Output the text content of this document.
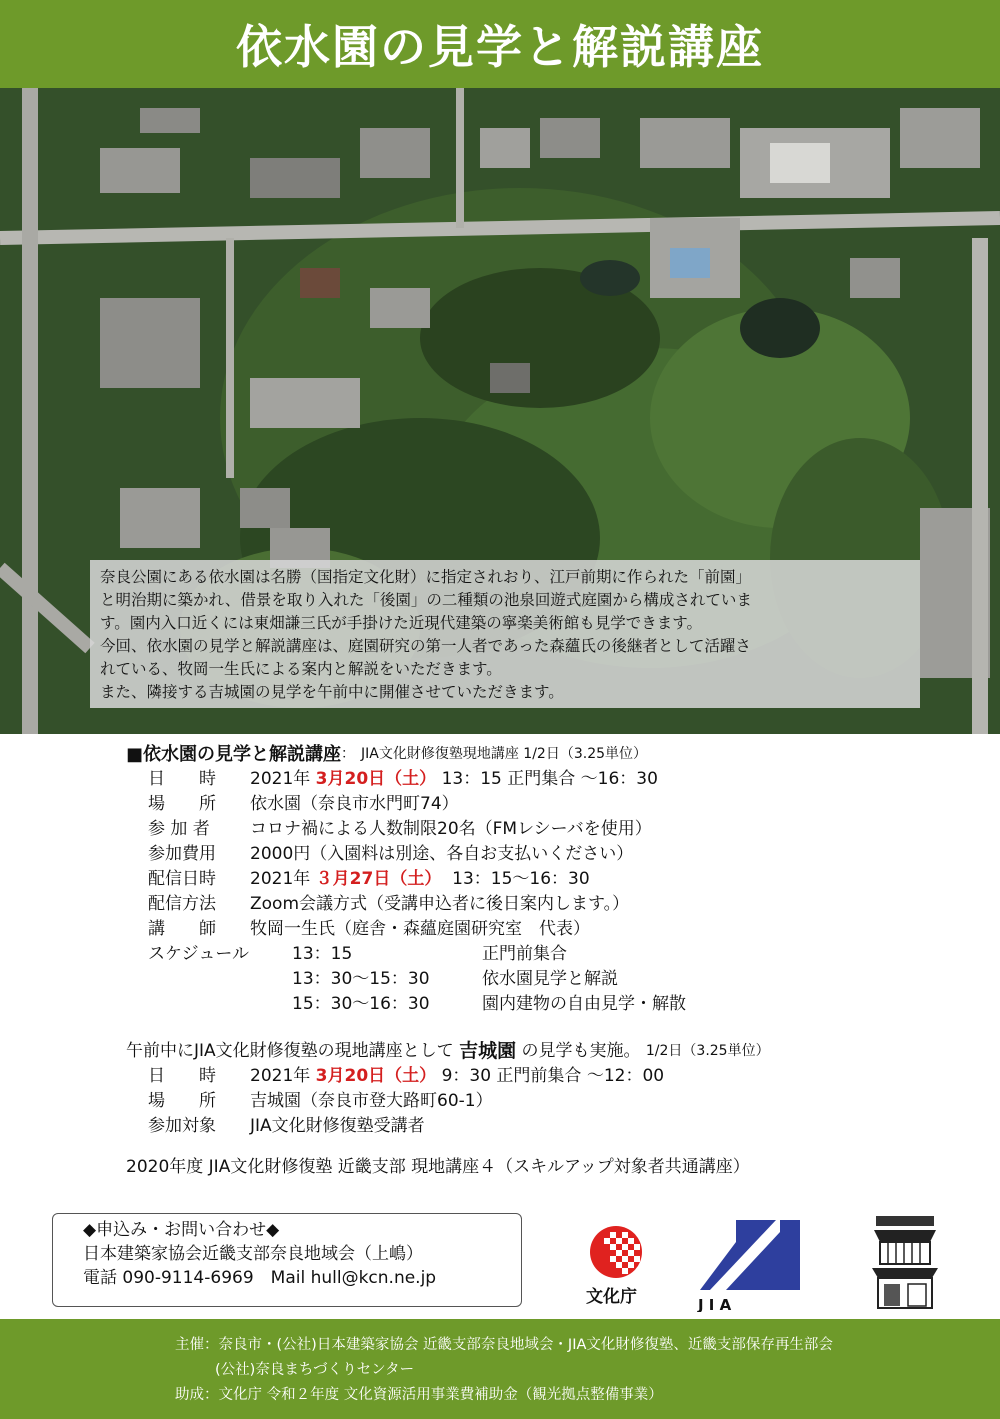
依水園の見学と解説講座

奈良公園にある依水園は名勝（国指定文化財）に指定されおり、江戸前期に作られた「前園」

と明治期に築かれ、借景を取り入れた「後園」の二種類の池泉回遊式庭園から構成されていま

す。園内入口近くには東畑謙三氏が手掛けた近現代建築の寧楽美術館も見学できます。

今回、依水園の見学と解説講座は、庭園研究の第一人者であった森蘊氏の後継者として活躍さ

れている、牧岡一生氏による案内と解説をいただきます。

また、隣接する吉城園の見学を午前中に開催させていただきます。

■依水園の見学と解説講座 ： JIA文化財修復塾現地講座 1/2日（3.25単位）
日　　時	2021年
3月20日（土）
13：15 正門集合 ～16：30
場　　所	依水園（奈良市水門町74）
参 加 者	コロナ禍による人数制限20名（FMレシーバを使用）
参加費用	2000円（入園料は別途、各自お支払いください）
配信日時	2021年
３月27日（土）
13：15～16：30
配信方法	Zoom会議方式（受講申込者に後日案内します。）
講　　師	牧岡一生氏（庭舎・森蘊庭園研究室　代表）
スケジュール	13：15	正門前集合
13：30～15：30	依水園見学と解説
15：30～16：30	園内建物の自由見学・解散
午前中にJIA文化財修復塾の現地講座として
吉城園
の見学も実施。
1/2日（3.25単位）
日　　時	2021年
3月20日（土）
9：30 正門前集合 ～12：00
場　　所	吉城園（奈良市登大路町60-1）
参加対象	JIA文化財修復塾受講者
2020年度 JIA文化財修復塾 近畿支部 現地講座４（スキルアップ対象者共通講座）
◆申込み・お問い合わせ◆
日本建築家協会近畿支部奈良地域会（上嶋）
電話 090-9114-6969　Mail hull@kcn.ne.jp
文化庁	J I A
主催：奈良市・(公社)日本建築家協会 近畿支部奈良地域会・JIA文化財修復塾、近畿支部保存再生部会
(公社)奈良まちづくりセンター
助成：文化庁 令和２年度 文化資源活用事業費補助金（観光拠点整備事業）
